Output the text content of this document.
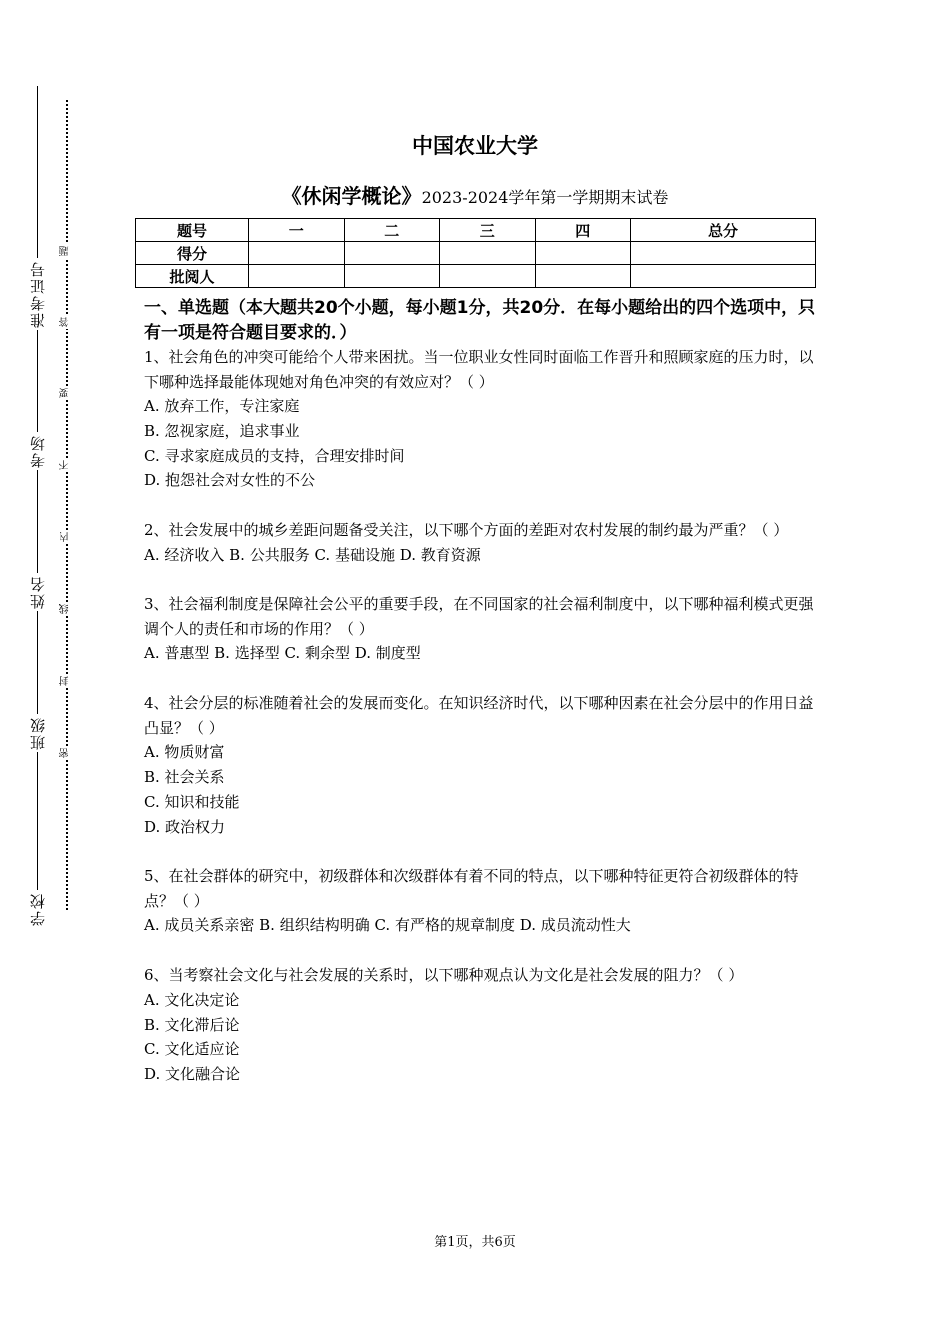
准考证号
考场
姓名
班级
学校
题
答
要
不
内
线
封
密
中国农业大学
《休闲学概论》2023-2024学年第一学期期末试卷
题号	一	二	三	四	总分
得分					
批阅人					
一、单选题（本大题共20个小题，每小题1分，共20分．在每小题给出的四个选项中，只有一项是符合题目要求的．）
1、社会角色的冲突可能给个人带来困扰。当一位职业女性同时面临工作晋升和照顾家庭的压力时，以下哪种选择最能体现她对角色冲突的有效应对？（ ）
A. 放弃工作，专注家庭
B. 忽视家庭，追求事业
C. 寻求家庭成员的支持，合理安排时间
D. 抱怨社会对女性的不公
2、社会发展中的城乡差距问题备受关注，以下哪个方面的差距对农村发展的制约最为严重？（ ）
A. 经济收入 B. 公共服务 C. 基础设施 D. 教育资源
3、社会福利制度是保障社会公平的重要手段，在不同国家的社会福利制度中，以下哪种福利模式更强调个人的责任和市场的作用？（ ）
A. 普惠型 B. 选择型 C. 剩余型 D. 制度型
4、社会分层的标准随着社会的发展而变化。在知识经济时代，以下哪种因素在社会分层中的作用日益凸显？（ ）
A. 物质财富
B. 社会关系
C. 知识和技能
D. 政治权力
5、在社会群体的研究中，初级群体和次级群体有着不同的特点，以下哪种特征更符合初级群体的特点？（ ）
A. 成员关系亲密 B. 组织结构明确 C. 有严格的规章制度 D. 成员流动性大
6、当考察社会文化与社会发展的关系时，以下哪种观点认为文化是社会发展的阻力？（ ）
A. 文化决定论
B. 文化滞后论
C. 文化适应论
D. 文化融合论
第1页，共6页
